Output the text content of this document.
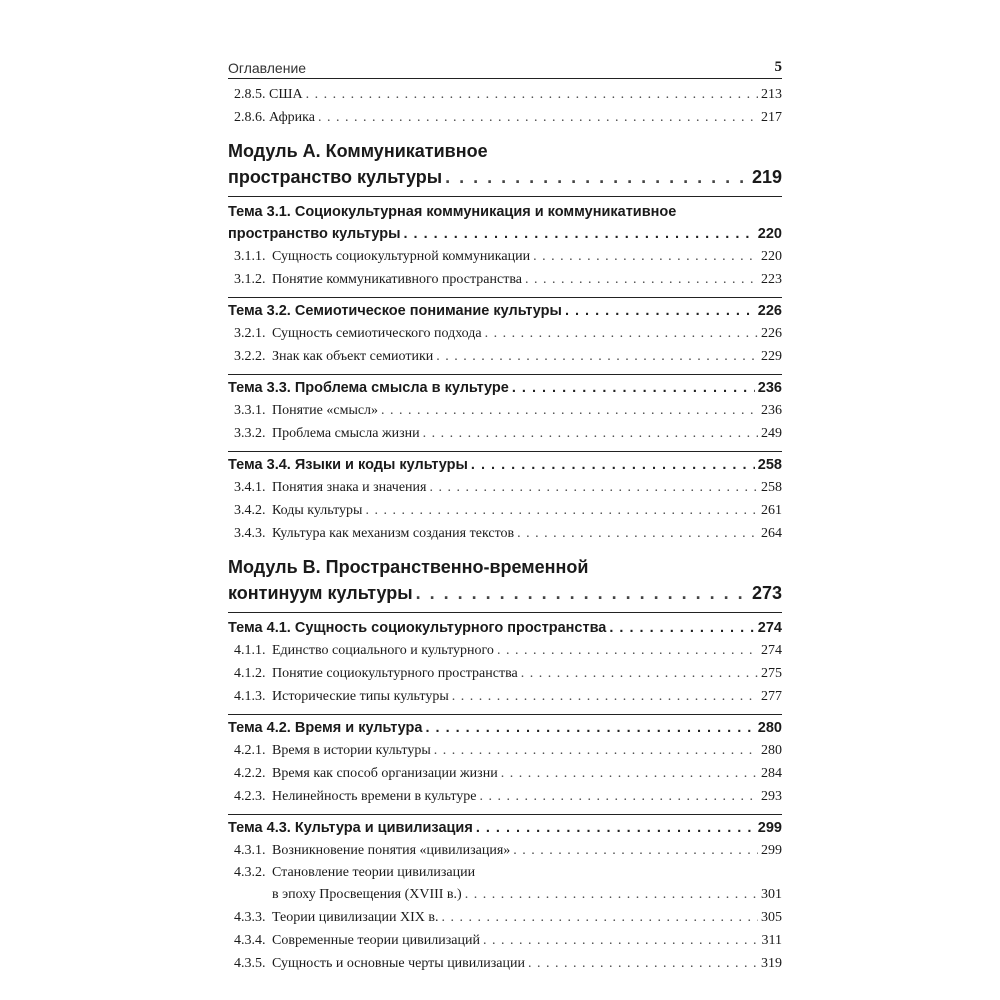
Оглавление	5
2.8.5. США . . .	213
2.8.6. Африка . . .	217
Модуль А. Коммуникативное
пространство культуры . . .	219
Тема 3.1. Социокультурная коммуникация и коммуникативное
пространство культуры . . .	220
3.1.1. Сущность социокультурной коммуникации . . .	220
3.1.2. Понятие коммуникативного пространства . . .	223
Тема 3.2. Семиотическое понимание культуры . . .	226
3.2.1. Сущность семиотического подхода . . .	226
3.2.2. Знак как объект семиотики . . .	229
Тема 3.3. Проблема смысла в культуре . . .	236
3.3.1. Понятие «смысл» . . .	236
3.3.2. Проблема смысла жизни . . .	249
Тема 3.4. Языки и коды культуры . . .	258
3.4.1. Понятия знака и значения . . .	258
3.4.2. Коды культуры . . .	261
3.4.3. Культура как механизм создания текстов . . .	264
Модуль В. Пространственно-временной
континуум культуры . . .	273
Тема 4.1. Сущность социокультурного пространства . . .	274
4.1.1. Единство социального и культурного . . .	274
4.1.2. Понятие социокультурного пространства . . .	275
4.1.3. Исторические типы культуры . . .	277
Тема 4.2. Время и культура . . .	280
4.2.1. Время в истории культуры . . .	280
4.2.2. Время как способ организации жизни . . .	284
4.2.3. Нелинейность времени в культуре . . .	293
Тема 4.3. Культура и цивилизация . . .	299
4.3.1. Возникновение понятия «цивилизация» . . .	299
4.3.2. Становление теории цивилизации
в эпоху Просвещения (XVIII в.) . . .	301
4.3.3. Теории цивилизации XIX в. . . .	305
4.3.4. Современные теории цивилизаций . . .	311
4.3.5. Сущность и основные черты цивилизации . . .	319
